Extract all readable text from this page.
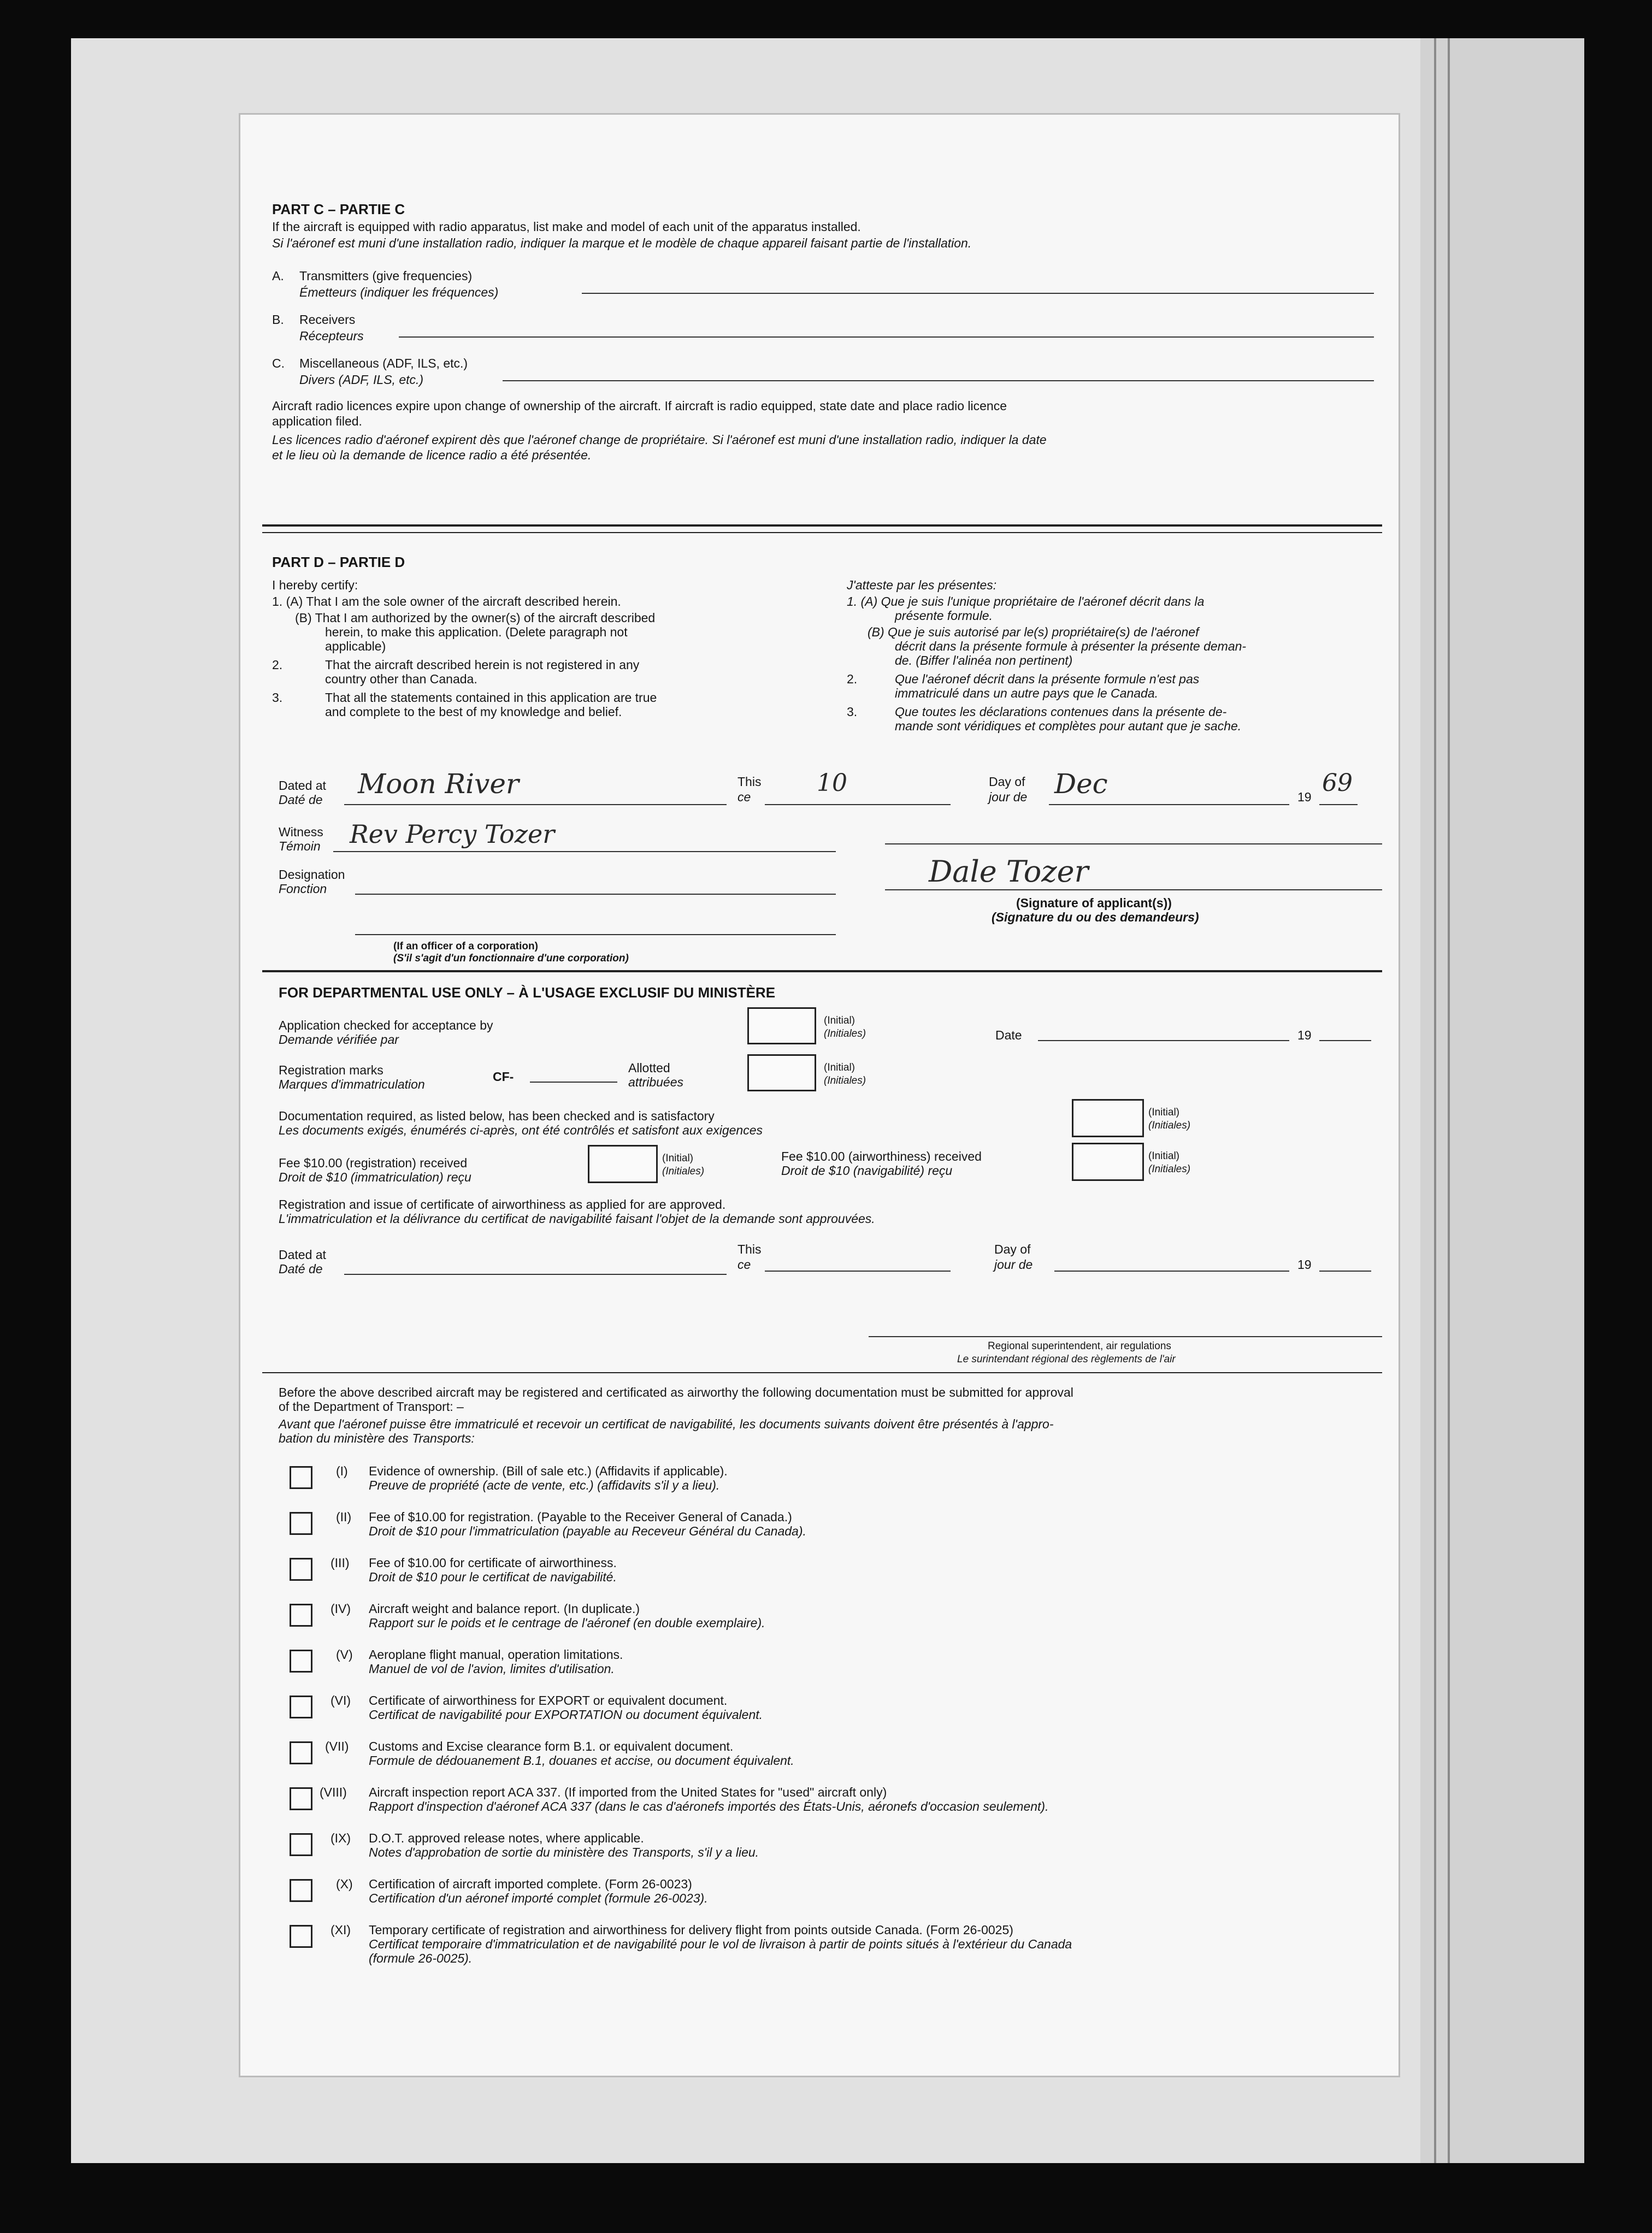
PART C – PARTIE C
If the aircraft is equipped with radio apparatus, list make and model of each unit of the apparatus installed.
Si l'aéronef est muni d'une installation radio, indiquer la marque et le modèle de chaque appareil faisant partie de l'installation.
A. Transmitters (give frequencies)
Émetteurs (indiquer les fréquences)
B. Receivers
Récepteurs
C. Miscellaneous (ADF, ILS, etc.)
Divers (ADF, ILS, etc.)
Aircraft radio licences expire upon change of ownership of the aircraft. If aircraft is radio equipped, state date and place radio licence
application filed.
Les licences radio d'aéronef expirent dès que l'aéronef change de propriétaire. Si l'aéronef est muni d'une installation radio, indiquer la date
et le lieu où la demande de licence radio a été présentée.
PART D – PARTIE D
I hereby certify:
1. (A) That I am the sole owner of the aircraft described herein.
(B) That I am authorized by the owner(s) of the aircraft described
herein, to make this application. (Delete paragraph not
applicable)
2.	That the aircraft described herein is not registered in any
country other than Canada.
3.	That all the statements contained in this application are true
and complete to the best of my knowledge and belief.
J'atteste par les présentes:
1. (A) Que je suis l'unique propriétaire de l'aéronef décrit dans la
présente formule.
(B) Que je suis autorisé par le(s) propriétaire(s) de l'aéronef
décrit dans la présente formule à présenter la présente deman-
de. (Biffer l'alinéa non pertinent)
2.	Que l'aéronef décrit dans la présente formule n'est pas
immatriculé dans un autre pays que le Canada.
3.	Que toutes les déclarations contenues dans la présente de-
mande sont véridiques et complètes pour autant que je sache.
Dated at
Daté de Moon River	This
ce	10	Day of
jour de Dec	19 69
Witness
Témoin Rev Percy Tozer
Designation
Fonction	Dale Tozer
(Signature of applicant(s))
(Signature du ou des demandeurs)
(If an officer of a corporation)
(S'il s'agit d'un fonctionnaire d'une corporation)
FOR DEPARTMENTAL USE ONLY – À L'USAGE EXCLUSIF DU MINISTÈRE
Application checked for acceptance by
Demande vérifiée par
(Initial)
(Initiales)	Date	19
Registration marks
Marques d'immatriculation
CF-
Allotted
attribuées
(Initial)
(Initiales)
Documentation required, as listed below, has been checked and is satisfactory
Les documents exigés, énumérés ci-après, ont été contrôlés et satisfont aux exigences
(Initial)
(Initiales)
Fee $10.00 (registration) received
Droit de $10 (immatriculation) reçu
(Initial)
(Initiales)
Fee $10.00 (airworthiness) received
Droit de $10 (navigabilité) reçu
(Initial)
(Initiales)
Registration and issue of certificate of airworthiness as applied for are approved.
L'immatriculation et la délivrance du certificat de navigabilité faisant l'objet de la demande sont approuvées.
Dated at
Daté de
This
ce
Day of
jour de	19
Regional superintendent, air regulations
Le surintendant régional des règlements de l'air
Before the above described aircraft may be registered and certificated as airworthy the following documentation must be submitted for approval
of the Department of Transport: –
Avant que l'aéronef puisse être immatriculé et recevoir un certificat de navigabilité, les documents suivants doivent être présentés à l'appro-
bation du ministère des Transports:
(I) Evidence of ownership. (Bill of sale etc.) (Affidavits if applicable).
Preuve de propriété (acte de vente, etc.) (affidavits s'il y a lieu).
(II) Fee of $10.00 for registration. (Payable to the Receiver General of Canada.)
Droit de $10 pour l'immatriculation (payable au Receveur Général du Canada).
(III) Fee of $10.00 for certificate of airworthiness.
Droit de $10 pour le certificat de navigabilité.
(IV) Aircraft weight and balance report. (In duplicate.)
Rapport sur le poids et le centrage de l'aéronef (en double exemplaire).
(V) Aeroplane flight manual, operation limitations.
Manuel de vol de l'avion, limites d'utilisation.
(VI) Certificate of airworthiness for EXPORT or equivalent document.
Certificat de navigabilité pour EXPORTATION ou document équivalent.
(VII) Customs and Excise clearance form B.1. or equivalent document.
Formule de dédouanement B.1, douanes et accise, ou document équivalent.
(VIII) Aircraft inspection report ACA 337. (If imported from the United States for "used" aircraft only)
Rapport d'inspection d'aéronef ACA 337 (dans le cas d'aéronefs importés des États-Unis, aéronefs d'occasion seulement).
(IX) D.O.T. approved release notes, where applicable.
Notes d'approbation de sortie du ministère des Transports, s'il y a lieu.
(X) Certification of aircraft imported complete. (Form 26-0023)
Certification d'un aéronef importé complet (formule 26-0023).
(XI) Temporary certificate of registration and airworthiness for delivery flight from points outside Canada. (Form 26-0025)
Certificat temporaire d'immatriculation et de navigabilité pour le vol de livraison à partir de points situés à l'extérieur du Canada
(formule 26-0025).
